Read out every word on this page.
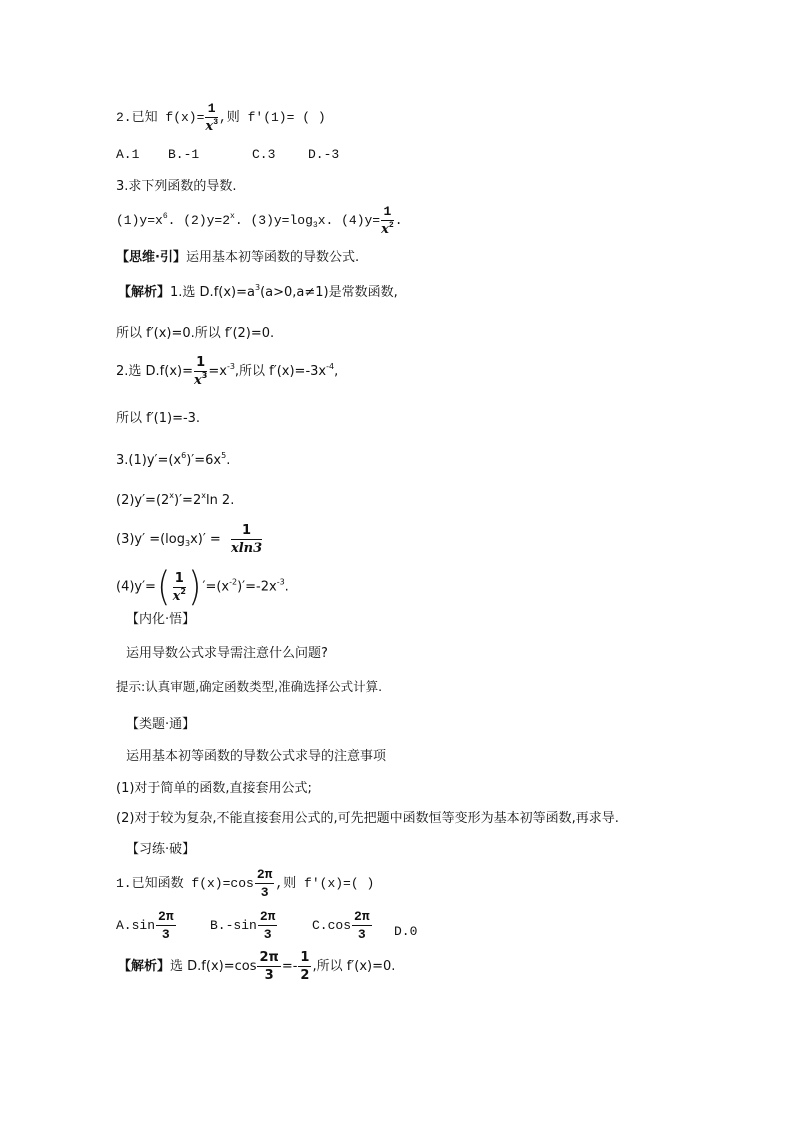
2.已知 $f(x)= \frac{1}{x^3}$ ,则 f′(1)= ( )
A.1 B.-1	C.3	D.-3
3.求下列函数的导数.
$(1)y=x^6$. $(2)y=2^x$. $(3)y=\log_3x$. $(4)y= \frac{1}{x^2}$ .
【思维·引】运用基本初等函数的导数公式.
【解析】1.选 $D.f(x)=a^3(a>0,a\ne 1)$是常数函数,
所以 f′(x)=0.所以 f′(2)=0.
2.选 $D.f(x)= \frac{1}{x^3} =x^{-3}$,所以 $f'(x)=-3x^{-4}$,
所以 f′(1)=-3.
$3.(1)y'=(x^6)'=6x^5$.
$(2)y'=(2^x)'=2^x\ln$ 2.
$(3)y' =(\log_3x)' = \frac{1}{xln3}$
$(4)y'=( \frac{1}{x^2} )'=(x^{-2})'=-2x^{-3}$.
【内化·悟】
运用导数公式求导需注意什么问题?
提示:认真审题,确定函数类型,准确选择公式计算.
【类题·通】
运用基本初等函数的导数公式求导的注意事项
(1)对于简单的函数,直接套用公式;
(2)对于较为复杂,不能直接套用公式的,可先把题中函数恒等变形为基本初等函数,再求导.
【习练·破】
1.已知函数 $f(x)=\cos \frac{2\pi}{3}$ ,则 f′(x)=( )
$A.\sin \frac{2\pi}{3}$	$B.-\sin \frac{2\pi}{3}$	$C.\cos \frac{2\pi}{3} D.0$
【解析】选 $D.f(x)=\cos \frac{2\pi}{3} =- \frac{1}{2}$ ,所以 f′(x)=0.
